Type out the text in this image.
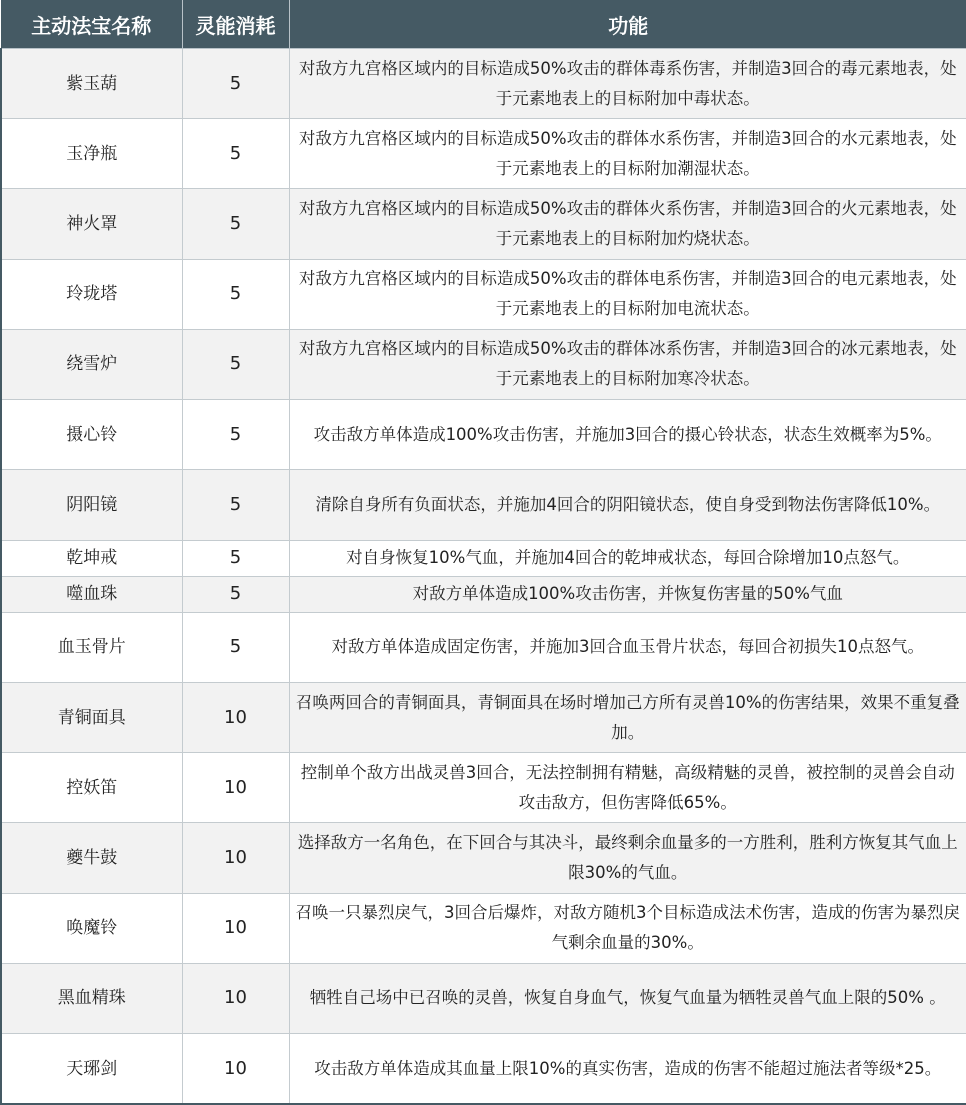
主动法宝名称	灵能消耗	功能
紫玉葫	5	对敌方九宫格区域内的目标造成50%攻击的群体毒系伤害，并制造3回合的毒元素地表，处于元素地表上的目标附加中毒状态。
玉净瓶	5	对敌方九宫格区域内的目标造成50%攻击的群体水系伤害，并制造3回合的水元素地表，处于元素地表上的目标附加潮湿状态。
神火罩	5	对敌方九宫格区域内的目标造成50%攻击的群体火系伤害，并制造3回合的火元素地表，处于元素地表上的目标附加灼烧状态。
玲珑塔	5	对敌方九宫格区域内的目标造成50%攻击的群体电系伤害，并制造3回合的电元素地表，处于元素地表上的目标附加电流状态。
绕雪炉	5	对敌方九宫格区域内的目标造成50%攻击的群体冰系伤害，并制造3回合的冰元素地表，处于元素地表上的目标附加寒冷状态。
摄心铃	5	攻击敌方单体造成100%攻击伤害，并施加3回合的摄心铃状态，状态生效概率为5%。
阴阳镜	5	清除自身所有负面状态，并施加4回合的阴阳镜状态，使自身受到物法伤害降低10%。
乾坤戒	5	对自身恢复10%气血，并施加4回合的乾坤戒状态，每回合除增加10点怒气。
噬血珠	5	对敌方单体造成100%攻击伤害，并恢复伤害量的50%气血
血玉骨片	5	对敌方单体造成固定伤害，并施加3回合血玉骨片状态，每回合初损失10点怒气。
青铜面具	10	召唤两回合的青铜面具，青铜面具在场时增加己方所有灵兽10%的伤害结果，效果不重复叠加。
控妖笛	10	控制单个敌方出战灵兽3回合，无法控制拥有精魅，高级精魅的灵兽，被控制的灵兽会自动攻击敌方，但伤害降低65%。
夔牛鼓	10	选择敌方一名角色，在下回合与其决斗，最终剩余血量多的一方胜利，胜利方恢复其气血上限30%的气血。
唤魔铃	10	召唤一只暴烈戾气，3回合后爆炸，对敌方随机3个目标造成法术伤害，造成的伤害为暴烈戾气剩余血量的30%。
黑血精珠	10	牺牲自己场中已召唤的灵兽，恢复自身血气，恢复气血量为牺牲灵兽气血上限的50% 。
天琊剑	10	攻击敌方单体造成其血量上限10%的真实伤害，造成的伤害不能超过施法者等级*25。
